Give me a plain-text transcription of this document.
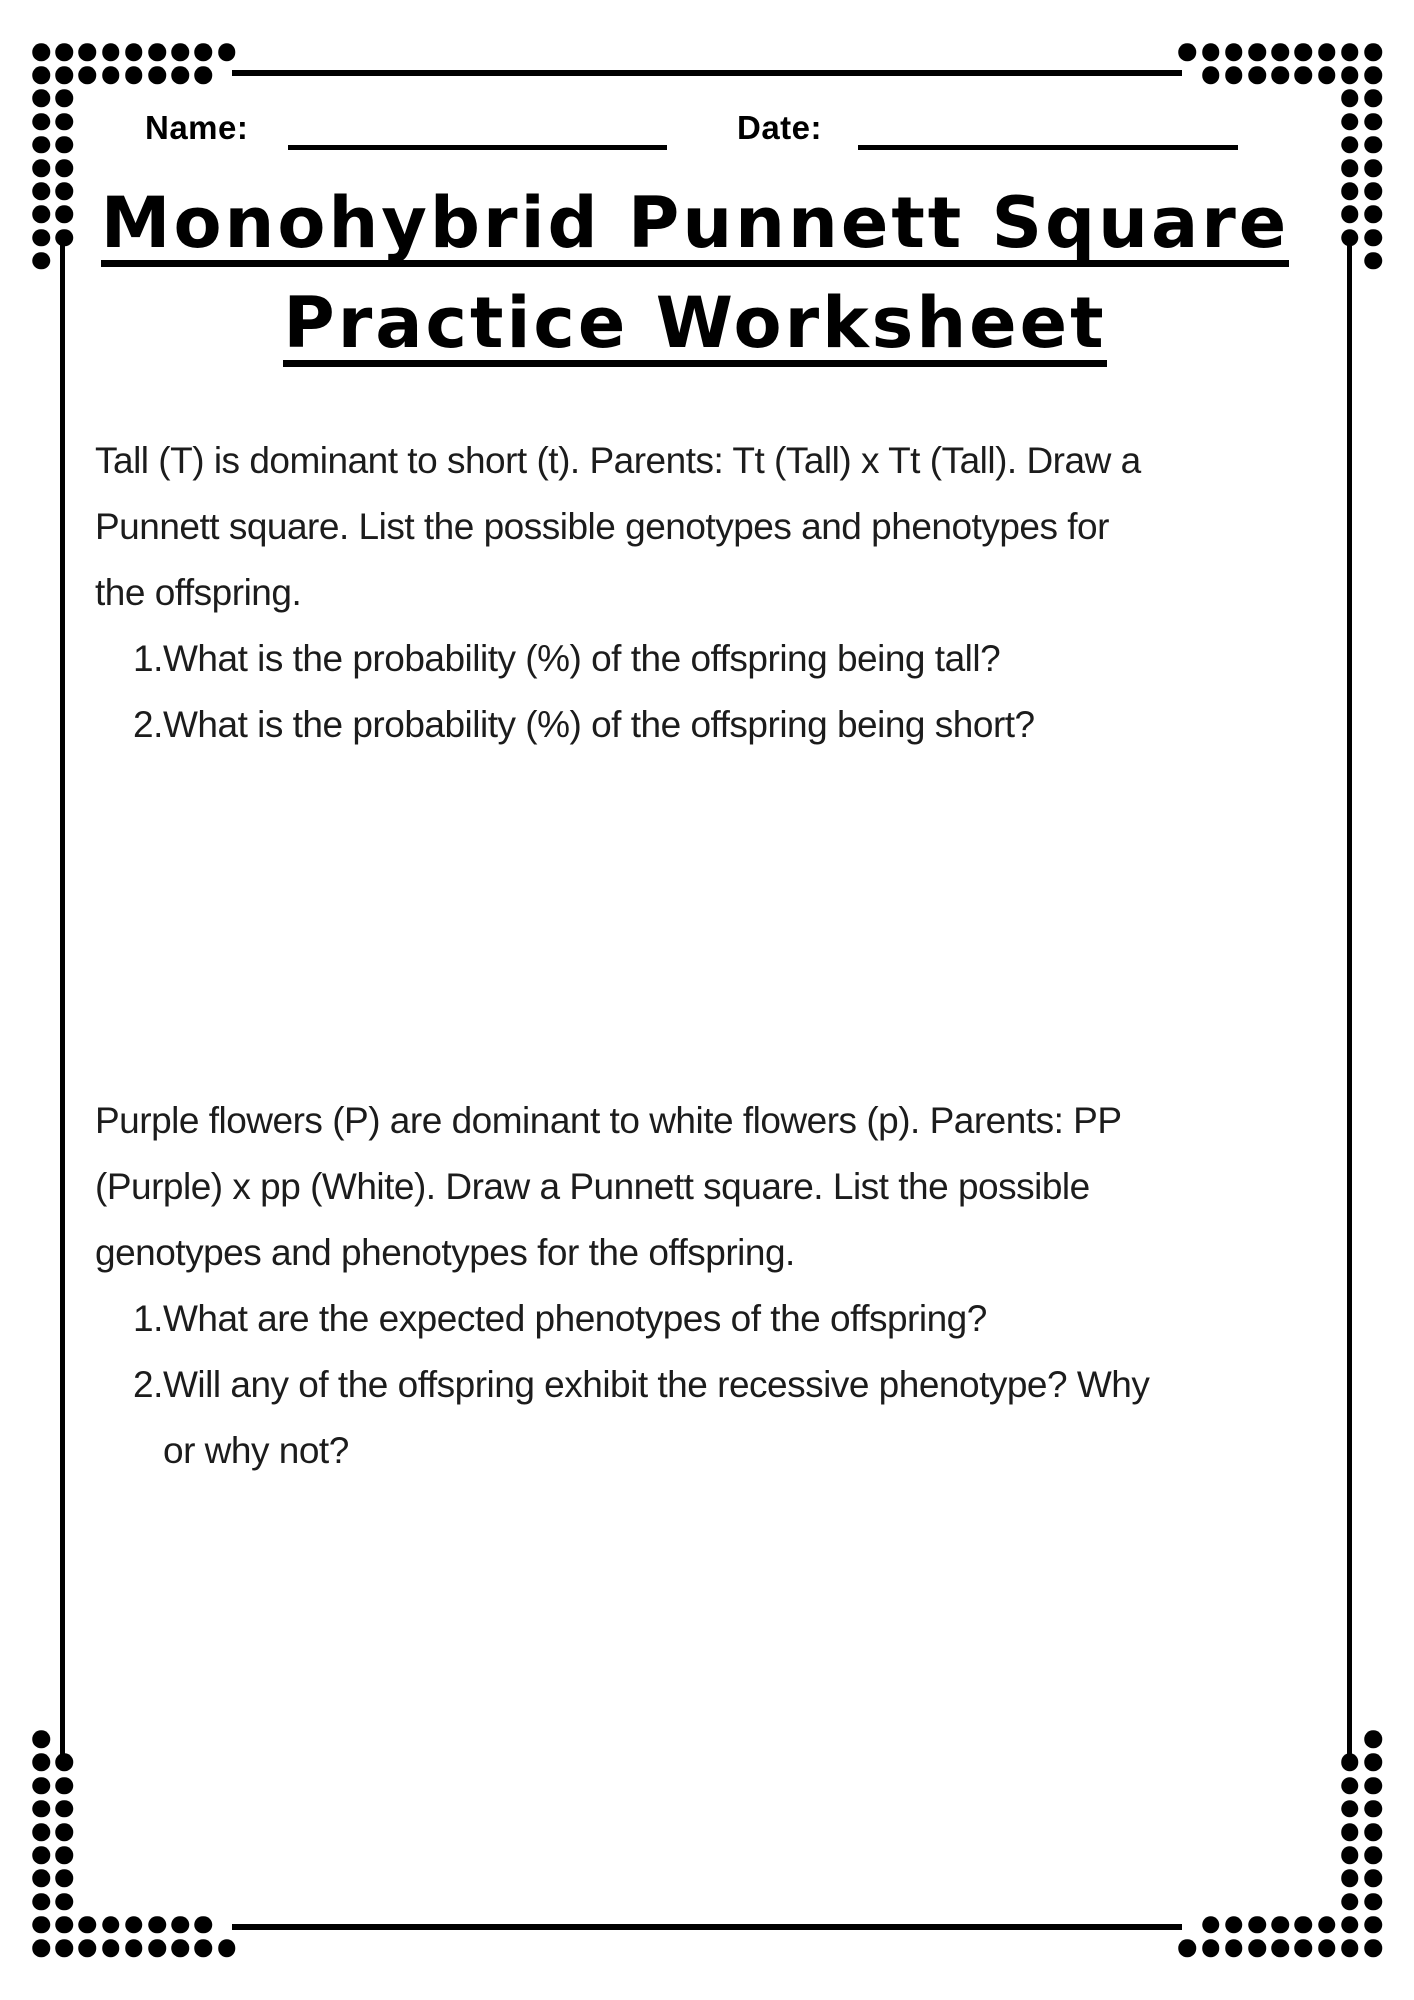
Name:	Date:
Monohybrid Punnett Square
Practice Worksheet
Tall (T) is dominant to short (t). Parents: Tt (Tall) x Tt (Tall). Draw a
Punnett square. List the possible genotypes and phenotypes for
the offspring.
1. What is the probability (%) of the offspring being tall?
2. What is the probability (%) of the offspring being short?
Purple flowers (P) are dominant to white flowers (p). Parents: PP
(Purple) x pp (White). Draw a Punnett square. List the possible
genotypes and phenotypes for the offspring.
1. What are the expected phenotypes of the offspring?
2. Will any of the offspring exhibit the recessive phenotype? Why
or why not?
